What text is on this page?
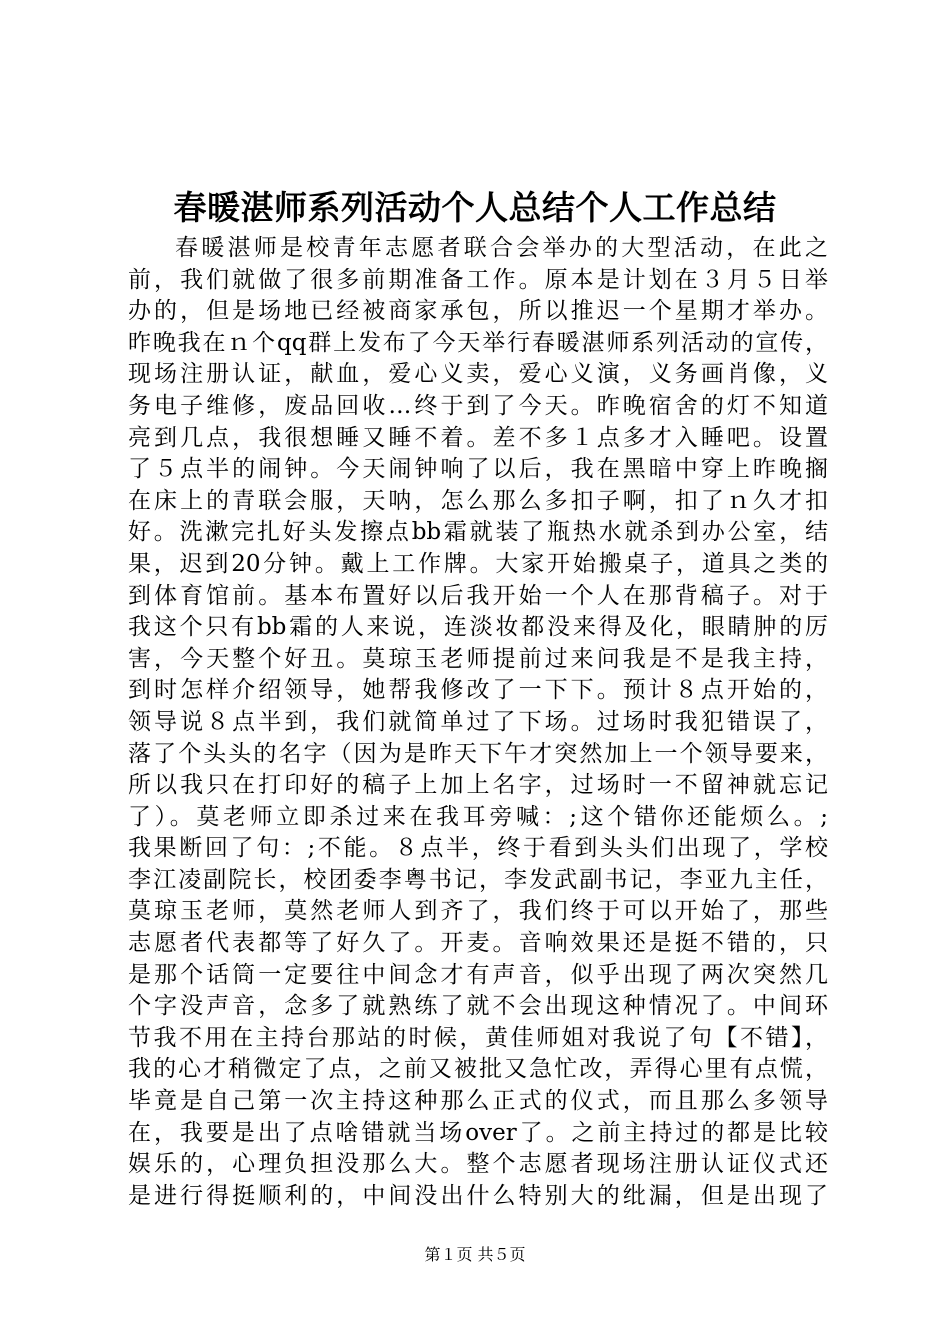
春暖湛师系列活动个人总结个人工作总结
春暖湛师是校青年志愿者联合会举办的大型活动，在此之
前，我们就做了很多前期准备工作。原本是计划在３月５日举
办的，但是场地已经被商家承包，所以推迟一个星期才举办。
昨晚我在ｎ个qq群上发布了今天举行春暖湛师系列活动的宣传，
现场注册认证，献血，爱心义卖，爱心义演，义务画肖像，义
务电子维修，废品回收…终于到了今天。昨晚宿舍的灯不知道
亮到几点，我很想睡又睡不着。差不多１点多才入睡吧。设置
了５点半的闹钟。今天闹钟响了以后，我在黑暗中穿上昨晚搁
在床上的青联会服，天呐，怎么那么多扣子啊，扣了ｎ久才扣
好。洗漱完扎好头发擦点bb霜就装了瓶热水就杀到办公室，结
果，迟到20分钟。戴上工作牌。大家开始搬桌子，道具之类的
到体育馆前。基本布置好以后我开始一个人在那背稿子。对于
我这个只有bb霜的人来说，连淡妆都没来得及化，眼睛肿的厉
害，今天整个好丑。莫琼玉老师提前过来问我是不是我主持，
到时怎样介绍领导，她帮我修改了一下下。预计８点开始的，
领导说８点半到，我们就简单过了下场。过场时我犯错误了，
落了个头头的名字（因为是昨天下午才突然加上一个领导要来，
所以我只在打印好的稿子上加上名字，过场时一不留神就忘记
了）。莫老师立即杀过来在我耳旁喊：;这个错你还能烦么。;
我果断回了句：;不能。８点半，终于看到头头们出现了，学校
李江凌副院长，校团委李粤书记，李发武副书记，李亚九主任，
莫琼玉老师，莫然老师人到齐了，我们终于可以开始了，那些
志愿者代表都等了好久了。开麦。音响效果还是挺不错的，只
是那个话筒一定要往中间念才有声音，似乎出现了两次突然几
个字没声音，念多了就熟练了就不会出现这种情况了。中间环
节我不用在主持台那站的时候，黄佳师姐对我说了句【不错】，
我的心才稍微定了点，之前又被批又急忙改，弄得心里有点慌，
毕竟是自己第一次主持这种那么正式的仪式，而且那么多领导
在，我要是出了点啥错就当场over了。之前主持过的都是比较
娱乐的，心理负担没那么大。整个志愿者现场注册认证仪式还
是进行得挺顺利的，中间没出什么特别大的纰漏，但是出现了
第１页 共５页
